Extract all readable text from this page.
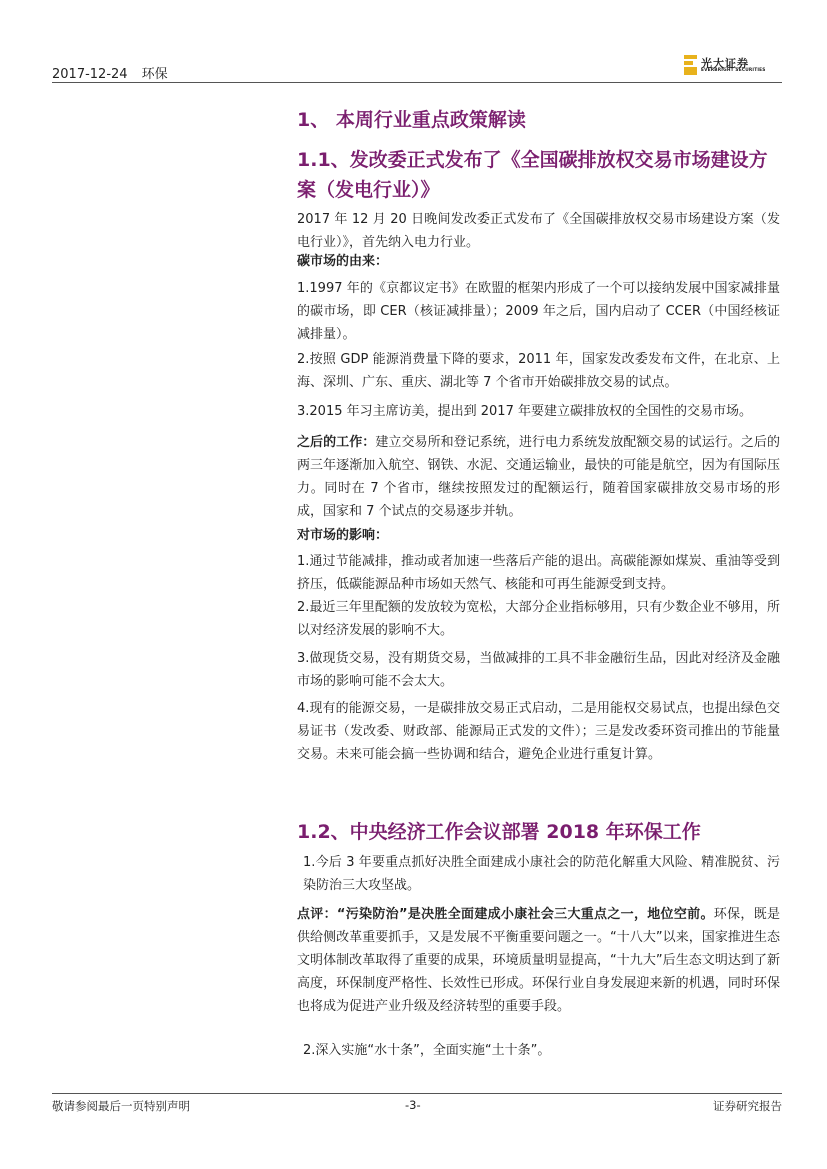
2017-12-24 环保
光大证券
EVERBRIGHT SECURITIES
1、 本周行业重点政策解读
1.1、发改委正式发布了《全国碳排放权交易市场建设方案（发电行业）》

2017 年 12 月 20 日晚间发改委正式发布了《全国碳排放权交易市场建设方案（发电行业）》，首先纳入电力行业。

碳市场的由来：

1.1997 年的《京都议定书》在欧盟的框架内形成了一个可以接纳发展中国家减排量的碳市场，即 CER（核证减排量）；2009 年之后，国内启动了 CCER（中国经核证减排量）。

2.按照 GDP 能源消费量下降的要求，2011 年，国家发改委发布文件，在北京、上海、深圳、广东、重庆、湖北等 7 个省市开始碳排放交易的试点。

3.2015 年习主席访美，提出到 2017 年要建立碳排放权的全国性的交易市场。

之后的工作：建立交易所和登记系统，进行电力系统发放配额交易的试运行。之后的两三年逐渐加入航空、钢铁、水泥、交通运输业，最快的可能是航空，因为有国际压力。同时在 7 个省市，继续按照发过的配额运行，随着国家碳排放交易市场的形成，国家和 7 个试点的交易逐步并轨。

对市场的影响：

1.通过节能减排，推动或者加速一些落后产能的退出。高碳能源如煤炭、重油等受到挤压，低碳能源品种市场如天然气、核能和可再生能源受到支持。

2.最近三年里配额的发放较为宽松，大部分企业指标够用，只有少数企业不够用，所以对经济发展的影响不大。

3.做现货交易，没有期货交易，当做减排的工具不非金融衍生品，因此对经济及金融市场的影响可能不会太大。

4.现有的能源交易，一是碳排放交易正式启动，二是用能权交易试点，也提出绿色交易证书（发改委、财政部、能源局正式发的文件）；三是发改委环资司推出的节能量交易。未来可能会搞一些协调和结合，避免企业进行重复计算。

1.2、中央经济工作会议部署 2018 年环保工作

1.今后 3 年要重点抓好决胜全面建成小康社会的防范化解重大风险、精准脱贫、污染防治三大攻坚战。

点评：“污染防治”是决胜全面建成小康社会三大重点之一，地位空前。环保，既是供给侧改革重要抓手，又是发展不平衡重要问题之一。“十八大”以来，国家推进生态文明体制改革取得了重要的成果，环境质量明显提高，“十九大”后生态文明达到了新高度，环保制度严格性、长效性已形成。环保行业自身发展迎来新的机遇，同时环保也将成为促进产业升级及经济转型的重要手段。

2.深入实施“水十条”，全面实施“土十条”。

敬请参阅最后一页特别声明	-3-	证券研究报告
